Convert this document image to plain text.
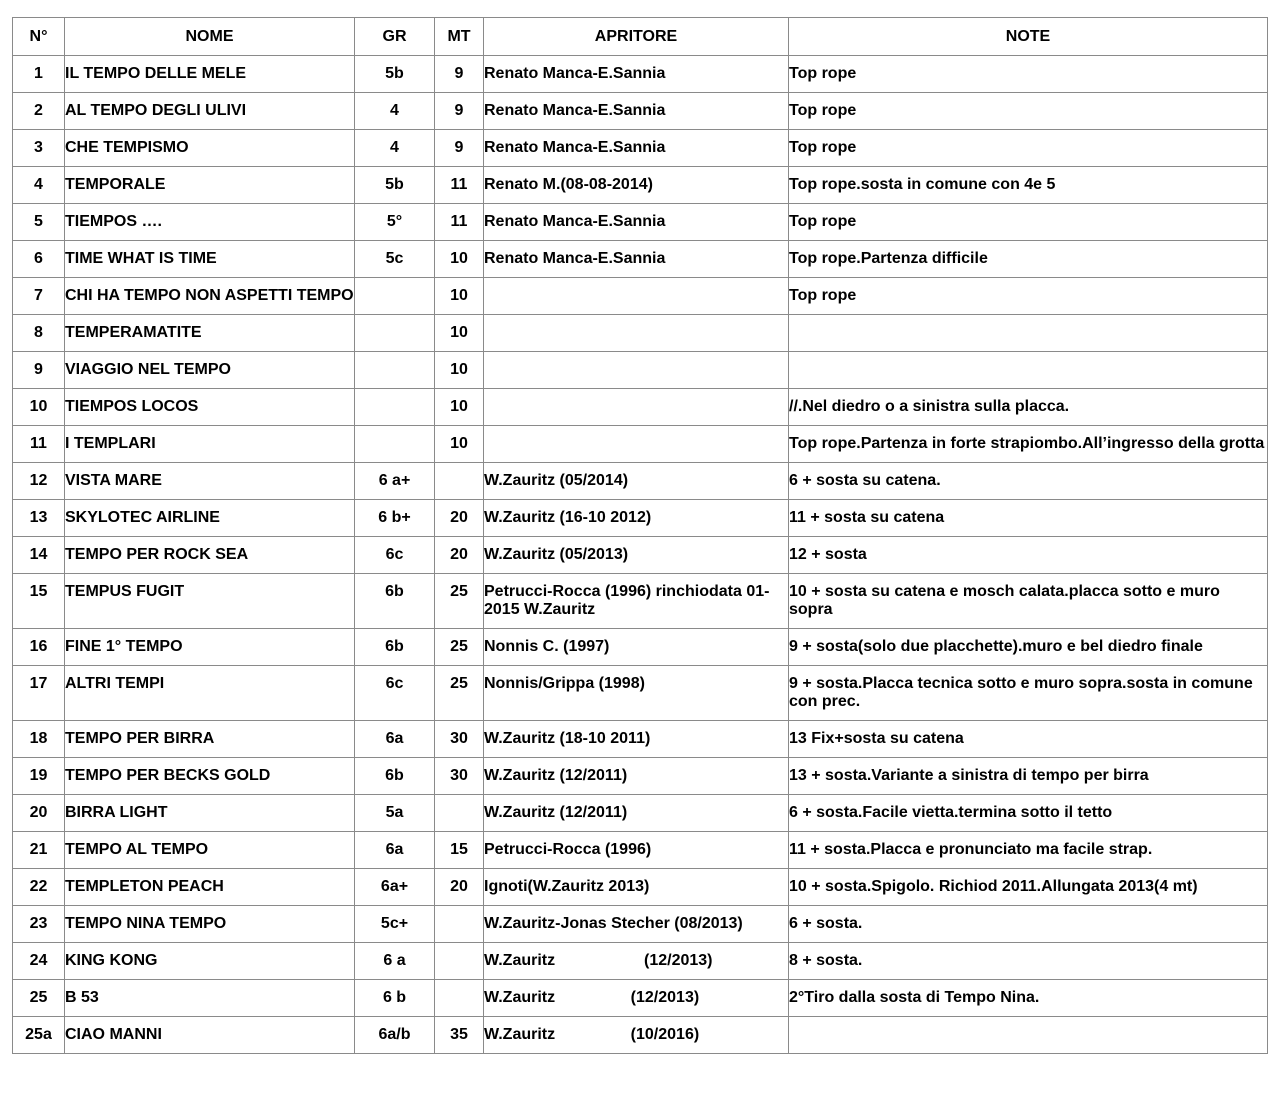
N°	NOME	GR	MT	APRITORE	NOTE
1	IL TEMPO DELLE MELE	5b	9	Renato Manca-E.Sannia	Top rope
2	AL TEMPO DEGLI ULIVI	4	9	Renato Manca-E.Sannia	Top rope
3	CHE TEMPISMO	4	9	Renato Manca-E.Sannia	Top rope
4	TEMPORALE	5b	11	Renato M.(08-08-2014)	Top rope.sosta in comune con 4e 5
5	TIEMPOS ….	5°	11	Renato Manca-E.Sannia	Top rope
6	TIME WHAT IS TIME	5c	10	Renato Manca-E.Sannia	Top rope.Partenza difficile
7	CHI HA TEMPO NON ASPETTI TEMPO		10		Top rope
8	TEMPERAMATITE		10		
9	VIAGGIO NEL TEMPO		10		
10	TIEMPOS LOCOS		10		//.Nel diedro o a sinistra sulla placca.
11	I TEMPLARI		10		Top rope.Partenza in forte strapiombo.All’ingresso della grotta
12	VISTA MARE	6 a+		W.Zauritz (05/2014)	6 + sosta su catena.
13	SKYLOTEC AIRLINE	6 b+	20	W.Zauritz (16-10 2012)	11 + sosta su catena
14	TEMPO PER ROCK SEA	6c	20	W.Zauritz (05/2013)	12 + sosta
15	TEMPUS FUGIT	6b	25	Petrucci-Rocca (1996) rinchiodata 01-2015 W.Zauritz	10 + sosta su catena e mosch calata.placca sotto e muro sopra
16	FINE 1° TEMPO	6b	25	Nonnis C. (1997)	9 + sosta(solo due placchette).muro e bel diedro finale
17	ALTRI TEMPI	6c	25	Nonnis/Grippa (1998)	9 + sosta.Placca tecnica sotto e muro sopra.sosta in comune con prec.
18	TEMPO PER BIRRA	6a	30	W.Zauritz (18-10 2011)	13 Fix+sosta su catena
19	TEMPO PER BECKS GOLD	6b	30	W.Zauritz (12/2011)	13 + sosta.Variante a sinistra di tempo per birra
20	BIRRA LIGHT	5a		W.Zauritz (12/2011)	6 + sosta.Facile vietta.termina sotto il tetto
21	TEMPO AL TEMPO	6a	15	Petrucci-Rocca (1996)	11 + sosta.Placca e pronunciato ma facile strap.
22	TEMPLETON PEACH	6a+	20	Ignoti(W.Zauritz 2013)	10 + sosta.Spigolo. Richiod 2011.Allungata 2013(4 mt)
23	TEMPO NINA TEMPO	5c+		W.Zauritz-Jonas Stecher (08/2013)	6 + sosta.
24	KING KONG	6 a		W.Zauritz                    (12/2013)	8 + sosta.
25	B 53	6 b		W.Zauritz                 (12/2013)	2°Tiro dalla sosta di Tempo Nina.
25a	CIAO MANNI	6a/b	35	W.Zauritz                 (10/2016)	
